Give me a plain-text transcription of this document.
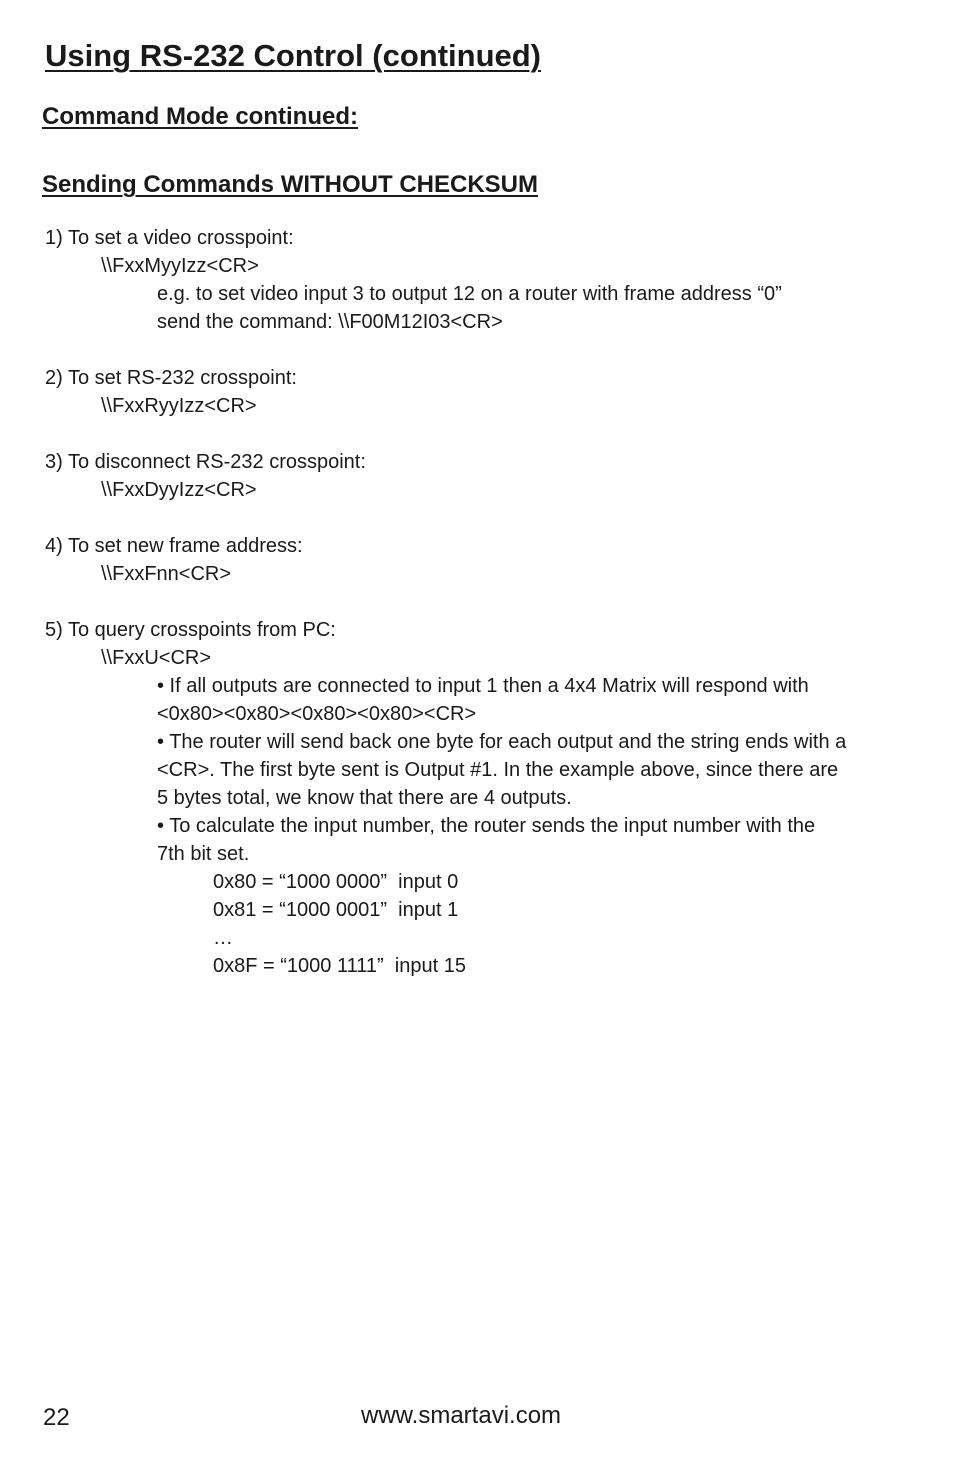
Using RS-232 Control (continued)
Command Mode continued:
Sending Commands WITHOUT CHECKSUM
1) To set a video crosspoint:
\\FxxMyyIzz<CR>
e.g. to set video input 3 to output 12 on a router with frame address “0”
send the command: \\F00M12I03<CR>
2) To set RS-232 crosspoint:
\\FxxRyyIzz<CR>
3) To disconnect RS-232 crosspoint:
\\FxxDyyIzz<CR>
4) To set new frame address:
\\FxxFnn<CR>
5) To query crosspoints from PC:
\\FxxU<CR>
• If all outputs are connected to input 1 then a 4x4 Matrix will respond with <0x80><0x80><0x80><0x80><CR>
• The router will send back one byte for each output and the string ends with a <CR>. The first byte sent is Output #1. In the example above, since there are 5 bytes total, we know that there are 4 outputs.
• To calculate the input number, the router sends the input number with the 7th bit set.
0x80 = “1000 0000” input 0
0x81 = “1000 0001” input 1
…
0x8F = “1000 1111” input 15
22	www.smartavi.com
